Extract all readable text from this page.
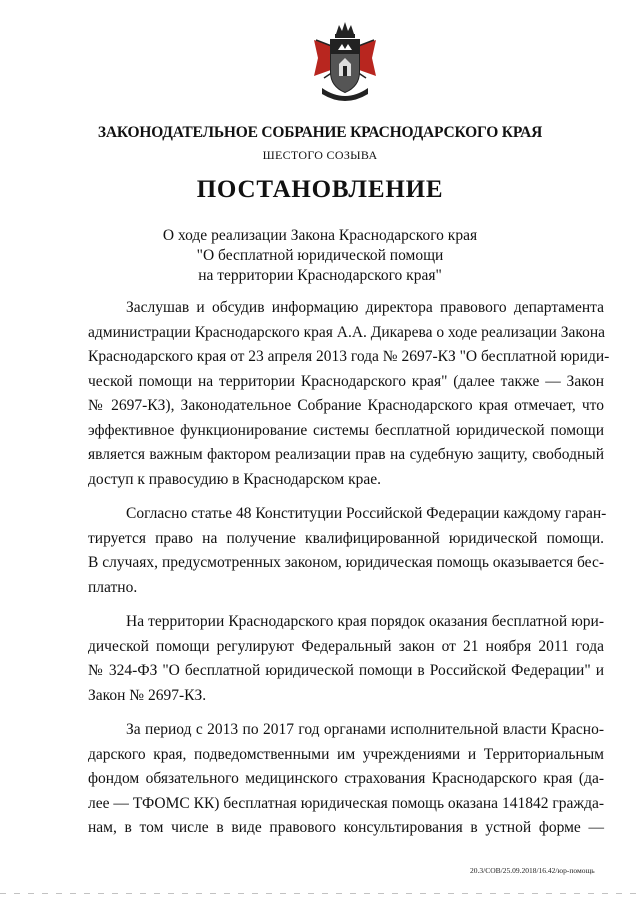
ЗАКОНОДАТЕЛЬНОЕ СОБРАНИЕ КРАСНОДАРСКОГО КРАЯ
ШЕСТОГО СОЗЫВА
ПОСТАНОВЛЕНИЕ
О ходе реализации Закона Краснодарского края
"О бесплатной юридической помощи
на территории Краснодарского края"
Заслушав и обсудив информацию директора правового департамента
администрации Краснодарского края А.А. Дикарева о ходе реализации Закона
Краснодарского края от 23 апреля 2013 года № 2697-КЗ "О бесплатной юриди-
ческой помощи на территории Краснодарского края" (далее также — Закон
№ 2697-КЗ), Законодательное Собрание Краснодарского края отмечает, что
эффективное функционирование системы бесплатной юридической помощи
является важным фактором реализации прав на судебную защиту, свободный
доступ к правосудию в Краснодарском крае.
Согласно статье 48 Конституции Российской Федерации каждому гаран-
тируется право на получение квалифицированной юридической помощи.
В случаях, предусмотренных законом, юридическая помощь оказывается бес-
платно.
На территории Краснодарского края порядок оказания бесплатной юри-
дической помощи регулируют Федеральный закон от 21 ноября 2011 года
№ 324-ФЗ "О бесплатной юридической помощи в Российской Федерации" и
Закон № 2697-КЗ.
За период с 2013 по 2017 год органами исполнительной власти Красно-
дарского края, подведомственными им учреждениями и Территориальным
фондом обязательного медицинского страхования Краснодарского края (да-
лее — ТФОМС КК) бесплатная юридическая помощь оказана 141842 гражда-
нам, в том числе в виде правового консультирования в устной форме —
20.3/СОВ/25.09.2018/16.42/юр-помощь
